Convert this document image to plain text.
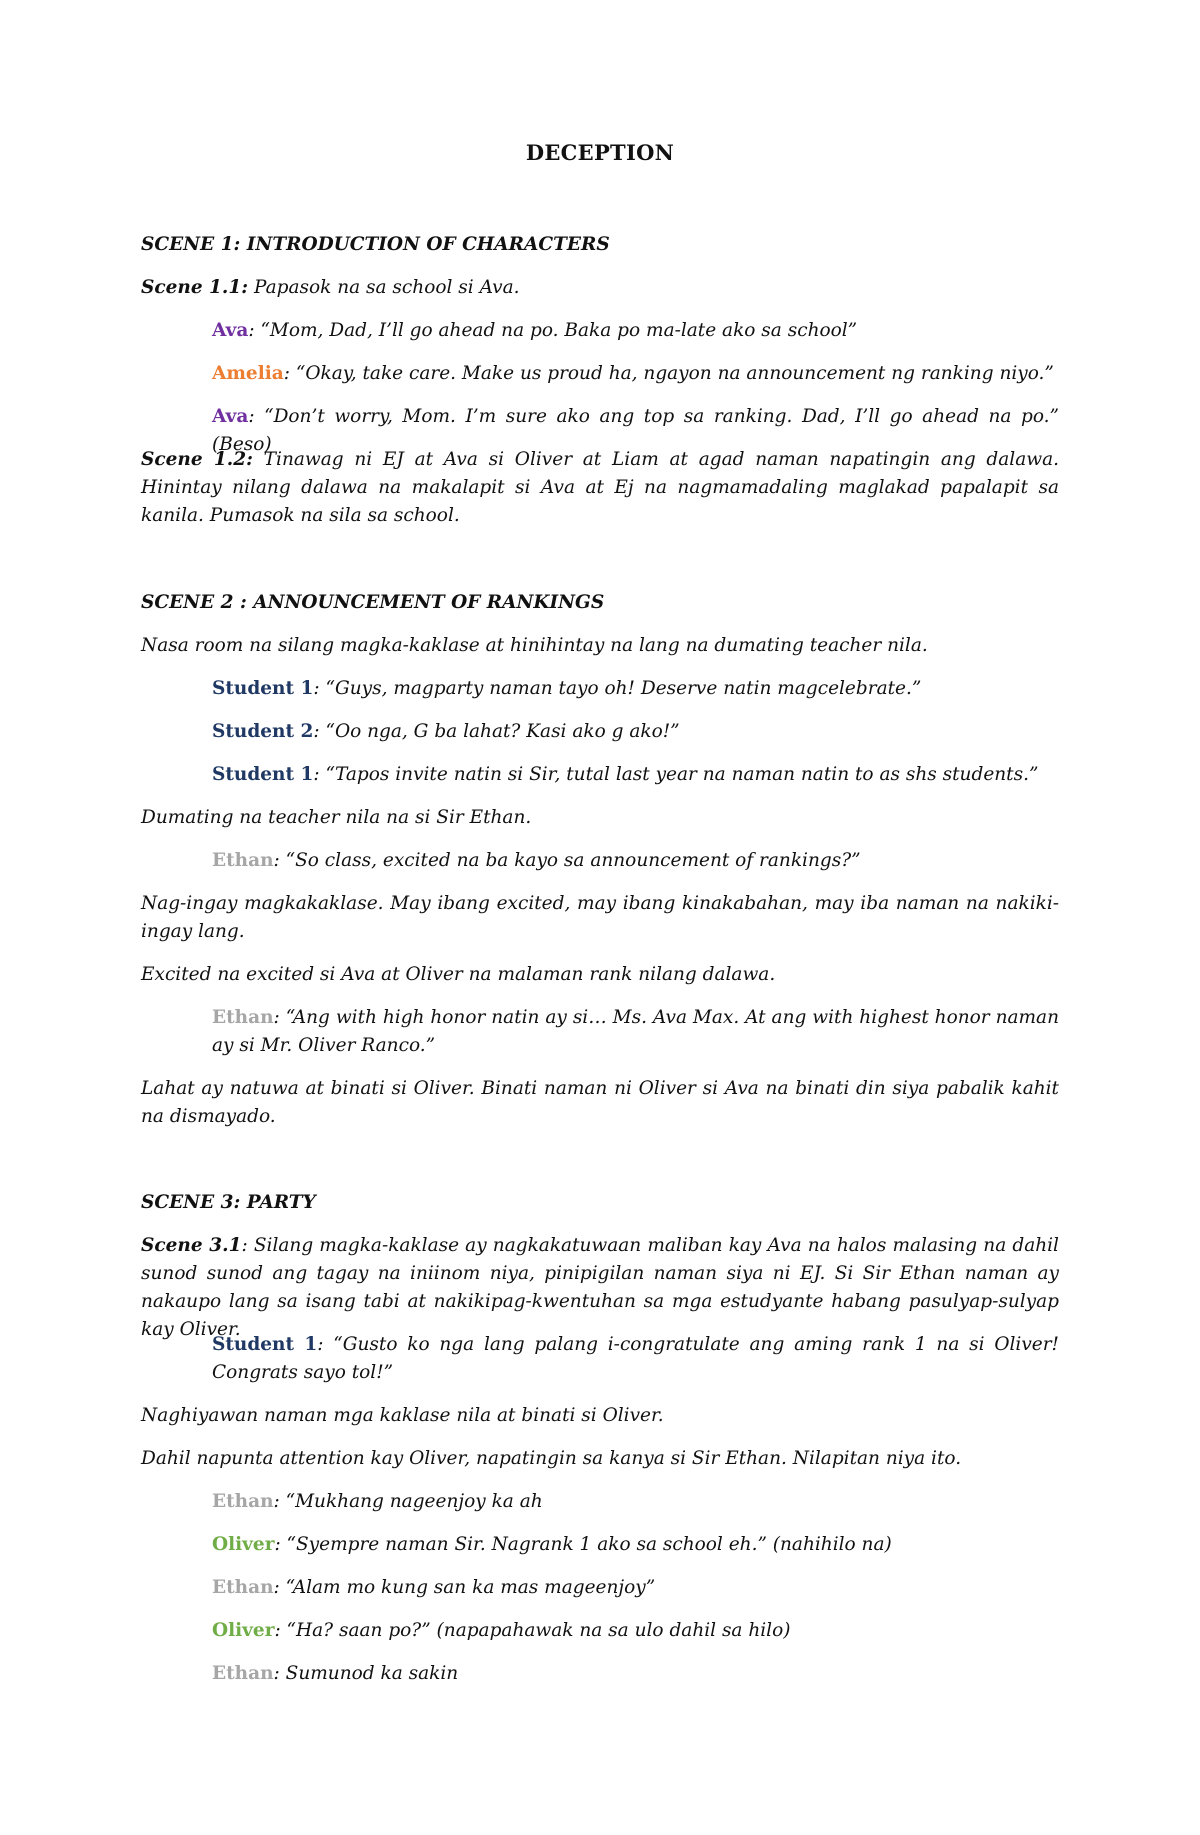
DECEPTION
SCENE 1: INTRODUCTION OF CHARACTERS
Scene 1.1: Papasok na sa school si Ava.
Ava: “Mom, Dad, I’ll go ahead na po. Baka po ma-late ako sa school”
Amelia: “Okay, take care. Make us proud ha, ngayon na announcement ng ranking niyo.”
Ava: “Don’t worry, Mom. I’m sure ako ang top sa ranking. Dad, I’ll go ahead na po.” (Beso)
Scene 1.2: Tinawag ni EJ at Ava si Oliver at Liam at agad naman napatingin ang dalawa. Hinintay nilang dalawa na makalapit si Ava at Ej na nagmamadaling maglakad papalapit sa kanila. Pumasok na sila sa school.
SCENE 2 : ANNOUNCEMENT OF RANKINGS
Nasa room na silang magka-kaklase at hinihintay na lang na dumating teacher nila.
Student 1: “Guys, magparty naman tayo oh! Deserve natin magcelebrate.”
Student 2: “Oo nga, G ba lahat? Kasi ako g ako!”
Student 1: “Tapos invite natin si Sir, tutal last year na naman natin to as shs students.”
Dumating na teacher nila na si Sir Ethan.
Ethan: “So class, excited na ba kayo sa announcement of rankings?”
Nag-ingay magkakaklase. May ibang excited, may ibang kinakabahan, may iba naman na nakiki-ingay lang.
Excited na excited si Ava at Oliver na malaman rank nilang dalawa.
Ethan: “Ang with high honor natin ay si… Ms. Ava Max. At ang with highest honor naman ay si Mr. Oliver Ranco.”
Lahat ay natuwa at binati si Oliver. Binati naman ni Oliver si Ava na binati din siya pabalik kahit na dismayado.
SCENE 3: PARTY
Scene 3.1: Silang magka-kaklase ay nagkakatuwaan maliban kay Ava na halos malasing na dahil sunod sunod ang tagay na iniinom niya, pinipigilan naman siya ni EJ. Si Sir Ethan naman ay nakaupo lang sa isang tabi at nakikipag-kwentuhan sa mga estudyante habang pasulyap-sulyap kay Oliver.
Student 1: “Gusto ko nga lang palang i-congratulate ang aming rank 1 na si Oliver! Congrats sayo tol!”
Naghiyawan naman mga kaklase nila at binati si Oliver.
Dahil napunta attention kay Oliver, napatingin sa kanya si Sir Ethan. Nilapitan niya ito.
Ethan: “Mukhang nageenjoy ka ah
Oliver: “Syempre naman Sir. Nagrank 1 ako sa school eh.” (nahihilo na)
Ethan: “Alam mo kung san ka mas mageenjoy”
Oliver: “Ha? saan po?” (napapahawak na sa ulo dahil sa hilo)
Ethan: Sumunod ka sakin
